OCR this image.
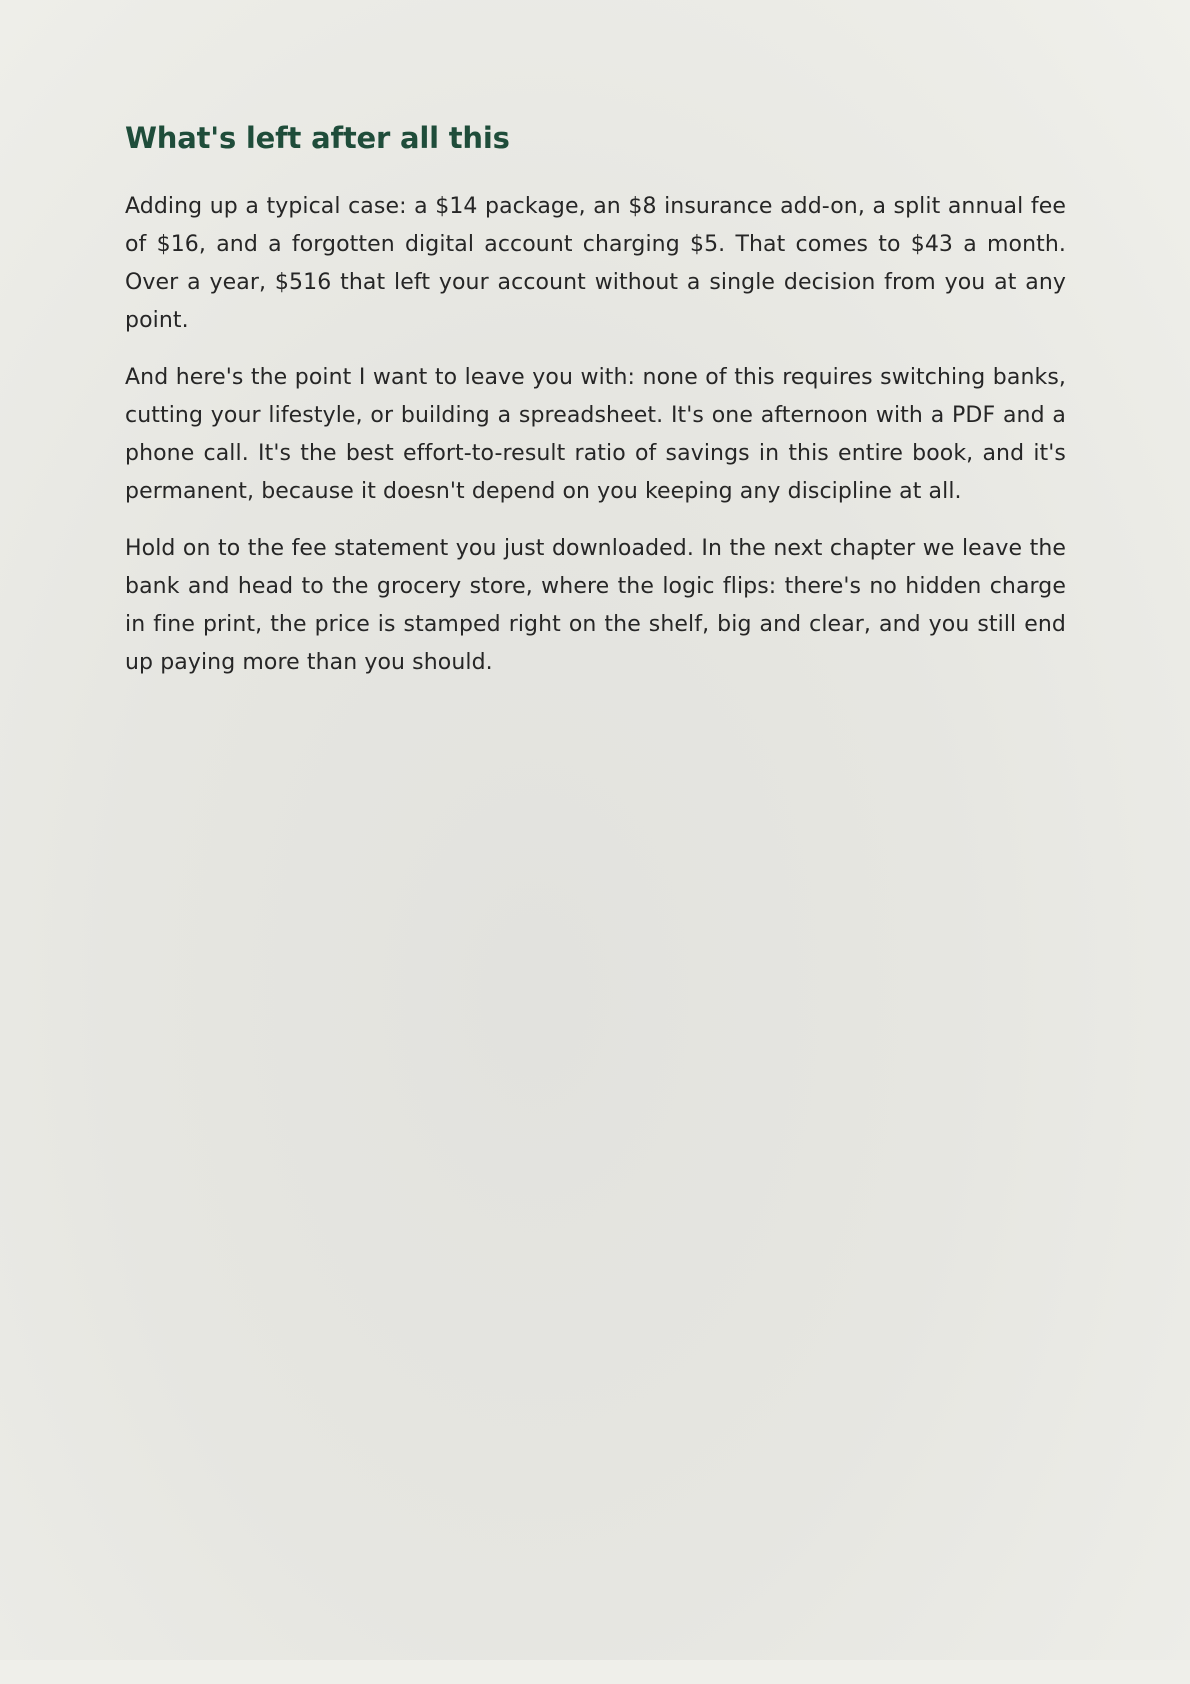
What's left after all this

Adding up a typical case: a $14 package, an $8 insurance add-on, a split annual fee of $16, and a forgotten digital account charging $5. That comes to $43 a month. Over a year, $516 that left your account without a single decision from you at any point.

And here's the point I want to leave you with: none of this requires switching banks, cutting your lifestyle, or building a spreadsheet. It's one afternoon with a PDF and a phone call. It's the best effort-to-result ratio of savings in this entire book, and it's permanent, because it doesn't depend on you keeping any discipline at all.

Hold on to the fee statement you just downloaded. In the next chapter we leave the bank and head to the grocery store, where the logic flips: there's no hidden charge in fine print, the price is stamped right on the shelf, big and clear, and you still end up paying more than you should.
